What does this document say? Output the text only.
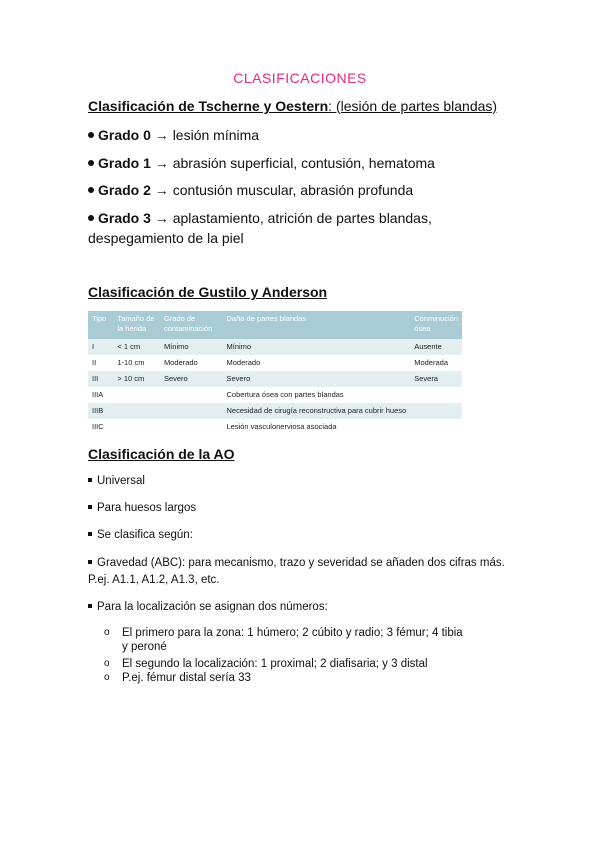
CLASIFICACIONES
Clasificación de Tscherne y Oestern: (lesión de partes blandas)
Grado 0 → lesión mínima
Grado 1 → abrasión superficial, contusión, hematoma
Grado 2 → contusión muscular, abrasión profunda
Grado 3 → aplastamiento, atrición de partes blandas, despegamiento de la piel
Clasificación de Gustilo y Anderson
Tipo	Tamaño de la herida	Grado de contaminación	Daño de partes blandas	Conminución ósea
I	< 1 cm	Mínimo	Mínimo	Ausente
II	1-10 cm	Moderado	Moderado	Moderada
III	> 10 cm	Severo	Severo	Severa
IIIA			Cobertura ósea con partes blandas	
IIIB			Necesidad de cirugía reconstructiva para cubrir hueso	
IIIC			Lesión vasculonerviosa asociada	
Clasificación de la AO
Universal
Para huesos largos
Se clasifica según:
Gravedad (ABC): para mecanismo, trazo y severidad se añaden dos cifras más. P.ej. A1.1, A1.2, A1.3, etc.
Para la localización se asignan dos números:
o El primero para la zona: 1 húmero; 2 cúbito y radio; 3 fémur; 4 tibia y peroné
o El segundo la localización: 1 proximal; 2 diafisaria; y 3 distal
o P.ej. fémur distal sería 33
